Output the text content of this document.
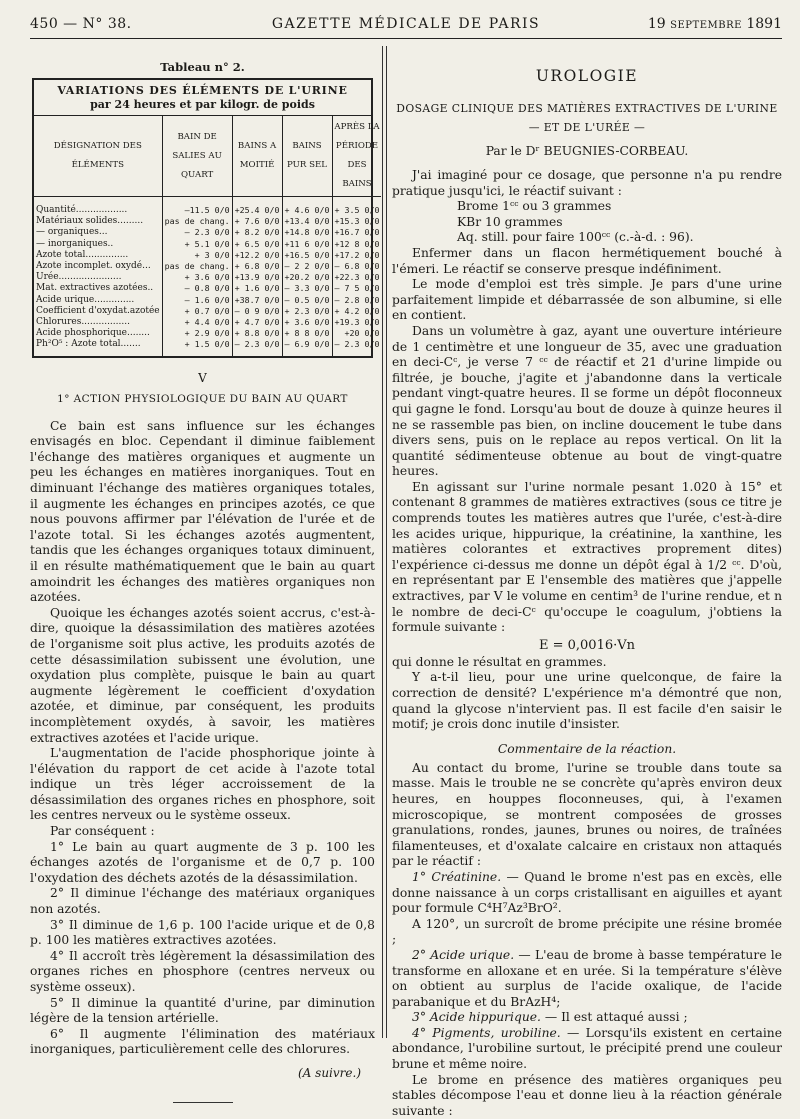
450 — N° 38.	GAZETTE MÉDICALE DE PARIS	19 SEPTEMBRE 1891
Tableau n° 2.
VARIATIONS DES ÉLÉMENTS DE L'URINE
par 24 heures et par kilogr. de poids
DÉSIGNATION DES ÉLÉMENTS	BAIN DE SALIES AU QUART	BAINS A MOITIÉ	BAINS PUR SEL	APRÈS LA PÉRIODE DES BAINS
Quantité..................	—11.5 0/0	+25.4 0/0	+ 4.6 0/0	+ 3.5 0/0
Matériaux solides.........	pas de chang.	+ 7.6 0/0	+13.4 0/0	+15.3 0/0
— organiques...	— 2.3 0/0	+ 8.2 0/0	+14.8 0/0	+16.7 0/0
— inorganiques..	+ 5.1 0/0	+ 6.5 0/0	+11 6 0/0	+12 8 0/0
Azote total...............	+ 3 0/0	+12.2 0/0	+16.5 0/0	+17.2 0/0
Azote incomplet. oxydé...	pas de chang.	+ 6.8 0/0	— 2 2 0/0	— 6.8 0/0
Urée......................	+ 3.6 0/0	+13.9 0/0	+20.2 0/0	+22.3 0/0
Mat. extractives azotées..	— 0.8 0/0	+ 1.6 0/0	— 3.3 0/0	— 7 5 0/0
Acide urique..............	— 1.6 0/0	+38.7 0/0	— 0.5 0/0	— 2.8 0/0
Coefficient d'oxydat.azotée	+ 0.7 0/0	— 0 9 0/0	+ 2.3 0/0	+ 4.2 0/0
Chlorures.................	+ 4.4 0/0	+ 4.7 0/0	+ 3.6 0/0	+19.3 0/0
Acide phosphorique........	+ 2.9 0/0	+ 8.8 0/0	+ 8 8 0/0	+20 0/0
Ph²O⁵ : Azote total.......	+ 1.5 0/0	— 2.3 0/0	— 6.9 0/0	— 2.3 0/0
V
1° ACTION PHYSIOLOGIQUE DU BAIN AU QUART

Ce bain est sans influence sur les échanges envisagés en bloc. Cependant il diminue faiblement l'échange des matières organiques et augmente un peu les échanges en matières inorganiques. Tout en diminuant l'échange des matières organiques totales, il augmente les échanges en principes azotés, ce que nous pouvons affirmer par l'élévation de l'urée et de l'azote total. Si les échanges azotés augmentent, tandis que les échanges organiques totaux diminuent, il en résulte mathématiquement que le bain au quart amoindrit les échanges des matières organiques non azotées.

Quoique les échanges azotés soient accrus, c'est-à-dire, quoique la désassimilation des matières azotées de l'organisme soit plus active, les produits azotés de cette désassimilation subissent une évolution, une oxydation plus complète, puisque le bain au quart augmente légèrement le coefficient d'oxydation azotée, et diminue, par conséquent, les produits incomplètement oxydés, à savoir, les matières extractives azotées et l'acide urique.

L'augmentation de l'acide phosphorique jointe à l'élévation du rapport de cet acide à l'azote total indique un très léger accroissement de la désassimilation des organes riches en phosphore, soit les centres nerveux ou le système osseux.

Par conséquent :

1° Le bain au quart augmente de 3 p. 100 les échanges azotés de l'organisme et de 0,7 p. 100 l'oxydation des déchets azotés de la désassimilation.

2° Il diminue l'échange des matériaux organiques non azotés.

3° Il diminue de 1,6 p. 100 l'acide urique et de 0,8 p. 100 les matières extractives azotées.

4° Il accroît très légèrement la désassimilation des organes riches en phosphore (centres nerveux ou système osseux).

5° Il diminue la quantité d'urine, par diminution légère de la tension artérielle.

6° Il augmente l'élimination des matériaux inorganiques, particulièrement celle des chlorures.

(A suivre.)
UROLOGIE
DOSAGE CLINIQUE DES MATIÈRES EXTRACTIVES DE L'URINE
— ET DE L'URÉE —
Par le Dʳ BEUGNIES-CORBEAU.

J'ai imaginé pour ce dosage, que personne n'a pu rendre pratique jusqu'ici, le réactif suivant :

Brome 1ᶜᶜ ou 3 grammes
KBr 10 grammes
Aq. still. pour faire 100ᶜᶜ (c.-à-d. : 96).

Enfermer dans un flacon hermétiquement bouché à l'émeri. Le réactif se conserve presque indéfiniment.

Le mode d'emploi est très simple. Je pars d'une urine parfaitement limpide et débarrassée de son albumine, si elle en contient.

Dans un volumètre à gaz, ayant une ouverture intérieure de 1 centimètre et une longueur de 35, avec une graduation en deci-Cᶜ, je verse 7 ᶜᶜ de réactif et 21 d'urine limpide ou filtrée, je bouche, j'agite et j'abandonne dans la verticale pendant vingt-quatre heures. Il se forme un dépôt floconneux qui gagne le fond. Lorsqu'au bout de douze à quinze heures il ne se rassemble pas bien, on incline doucement le tube dans divers sens, puis on le replace au repos vertical. On lit la quantité sédimenteuse obtenue au bout de vingt-quatre heures.

En agissant sur l'urine normale pesant 1.020 à 15° et contenant 8 grammes de matières extractives (sous ce titre je comprends toutes les matières autres que l'urée, c'est-à-dire les acides urique, hippurique, la créatinine, la xanthine, les matières colorantes et extractives proprement dites) l'expérience ci-dessus me donne un dépôt égal à 1/2 ᶜᶜ. D'où, en représentant par E l'ensemble des matières que j'appelle extractives, par V le volume en centim³ de l'urine rendue, et n le nombre de deci-Cᶜ qu'occupe le coagulum, j'obtiens la formule suivante :

E = 0,0016·Vn

qui donne le résultat en grammes.

Y a-t-il lieu, pour une urine quelconque, de faire la correction de densité? L'expérience m'a démontré que non, quand la glycose n'intervient pas. Il est facile d'en saisir le motif; je crois donc inutile d'insister.

Commentaire de la réaction.

Au contact du brome, l'urine se trouble dans toute sa masse. Mais le trouble ne se concrète qu'après environ deux heures, en houppes floconneuses, qui, à l'examen microscopique, se montrent composées de grosses granulations, rondes, jaunes, brunes ou noires, de traînées filamenteuses, et d'oxalate calcaire en cristaux non attaqués par le réactif :

1° Créatinine. — Quand le brome n'est pas en excès, elle donne naissance à un corps cristallisant en aiguilles et ayant pour formule C⁴H⁷Az³BrO².

A 120°, un surcroît de brome précipite une résine bromée ;

2° Acide urique. — L'eau de brome à basse température le transforme en alloxane et en urée. Si la température s'élève on obtient au surplus de l'acide oxalique, de l'acide parabanique et du BrAzH⁴;

3° Acide hippurique. — Il est attaqué aussi ;

4° Pigments, urobiline. — Lorsqu'ils existent en certaine abondance, l'urobiline surtout, le précipité prend une couleur brune et même noire.

Le brome en présence des matières organiques peu stables décompose l'eau et donne lieu à la réaction générale suivante :
